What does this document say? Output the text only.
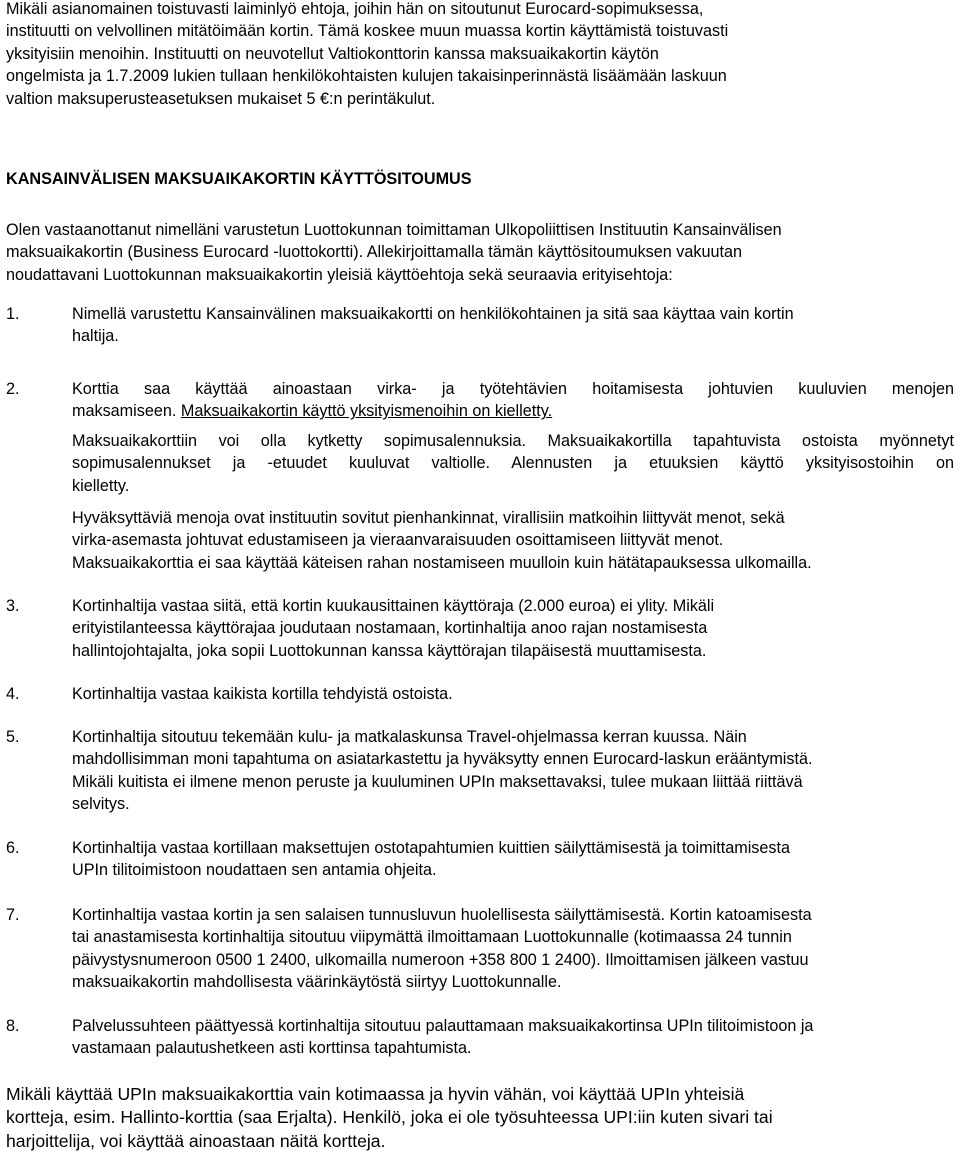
Mikäli asianomainen toistuvasti laiminlyö ehtoja, joihin hän on sitoutunut Eurocard-sopimuksessa,
instituutti on velvollinen mitätöimään kortin. Tämä koskee muun muassa kortin käyttämistä toistuvasti
yksityisiin menoihin. Instituutti on neuvotellut Valtiokonttorin kanssa maksuaikakortin käytön
ongelmista ja 1.7.2009 lukien tullaan henkilökohtaisten kulujen takaisinperinnästä lisäämään laskuun
valtion maksuperusteasetuksen mukaiset 5 €:n perintäkulut.

KANSAINVÄLISEN MAKSUAIKAKORTIN KÄYTTÖSITOUMUS

Olen vastaanottanut nimelläni varustetun Luottokunnan toimittaman Ulkopoliittisen Instituutin Kansainvälisen
maksuaikakortin (Business Eurocard -luottokortti). Allekirjoittamalla tämän käyttösitoumuksen vakuutan
noudattavani Luottokunnan maksuaikakortin yleisiä käyttöehtoja sekä seuraavia erityisehtoja:

1.	Nimellä varustettu Kansainvälinen maksuaikakortti on henkilökohtainen ja sitä saa käyttaa vain kortin
haltija.

2.	Korttia saa käyttää ainoastaan virka- ja työtehtävien hoitamisesta johtuvien kuuluvien menojen
maksamiseen. Maksuaikakortin käyttö yksityismenoihin on kielletty.
Maksuaikakorttiin voi olla kytketty sopimusalennuksia. Maksuaikakortilla tapahtuvista ostoista myönnetyt
sopimusalennukset ja -etuudet kuuluvat valtiolle. Alennusten ja etuuksien käyttö yksityisostoihin on
kielletty.
Hyväksyttäviä menoja ovat instituutin sovitut pienhankinnat, virallisiin matkoihin liittyvät menot, sekä
virka-asemasta johtuvat edustamiseen ja vieraanvaraisuuden osoittamiseen liittyvät menot.
Maksuaikakorttia ei saa käyttää käteisen rahan nostamiseen muulloin kuin hätätapauksessa ulkomailla.

3.	Kortinhaltija vastaa siitä, että kortin kuukausittainen käyttöraja (2.000 euroa) ei ylity. Mikäli
erityistilanteessa käyttörajaa joudutaan nostamaan, kortinhaltija anoo rajan nostamisesta
hallintojohtajalta, joka sopii Luottokunnan kanssa käyttörajan tilapäisestä muuttamisesta.

4.	Kortinhaltija vastaa kaikista kortilla tehdyistä ostoista.

5.	Kortinhaltija sitoutuu tekemään kulu- ja matkalaskunsa Travel-ohjelmassa kerran kuussa. Näin
mahdollisimman moni tapahtuma on asiatarkastettu ja hyväksytty ennen Eurocard-laskun erääntymistä.
Mikäli kuitista ei ilmene menon peruste ja kuuluminen UPIn maksettavaksi, tulee mukaan liittää riittävä
selvitys.

6.	Kortinhaltija vastaa kortillaan maksettujen ostotapahtumien kuittien säilyttämisestä ja toimittamisesta
UPIn tilitoimistoon noudattaen sen antamia ohjeita.

7.	Kortinhaltija vastaa kortin ja sen salaisen tunnusluvun huolellisesta säilyttämisestä. Kortin katoamisesta
tai anastamisesta kortinhaltija sitoutuu viipymättä ilmoittamaan Luottokunnalle (kotimaassa 24 tunnin
päivystysnumeroon 0500 1 2400, ulkomailla numeroon +358 800 1 2400). Ilmoittamisen jälkeen vastuu
maksuaikakortin mahdollisesta väärinkäytöstä siirtyy Luottokunnalle.

8.	Palvelussuhteen päättyessä kortinhaltija sitoutuu palauttamaan maksuaikakortinsa UPIn tilitoimistoon ja
vastamaan palautushetkeen asti korttinsa tapahtumista.

Mikäli käyttää UPIn maksuaikakorttia vain kotimaassa ja hyvin vähän, voi käyttää UPIn yhteisiä
kortteja, esim. Hallinto-korttia (saa Erjalta). Henkilö, joka ei ole työsuhteessa UPI:iin kuten sivari tai
harjoittelija, voi käyttää ainoastaan näitä kortteja.
